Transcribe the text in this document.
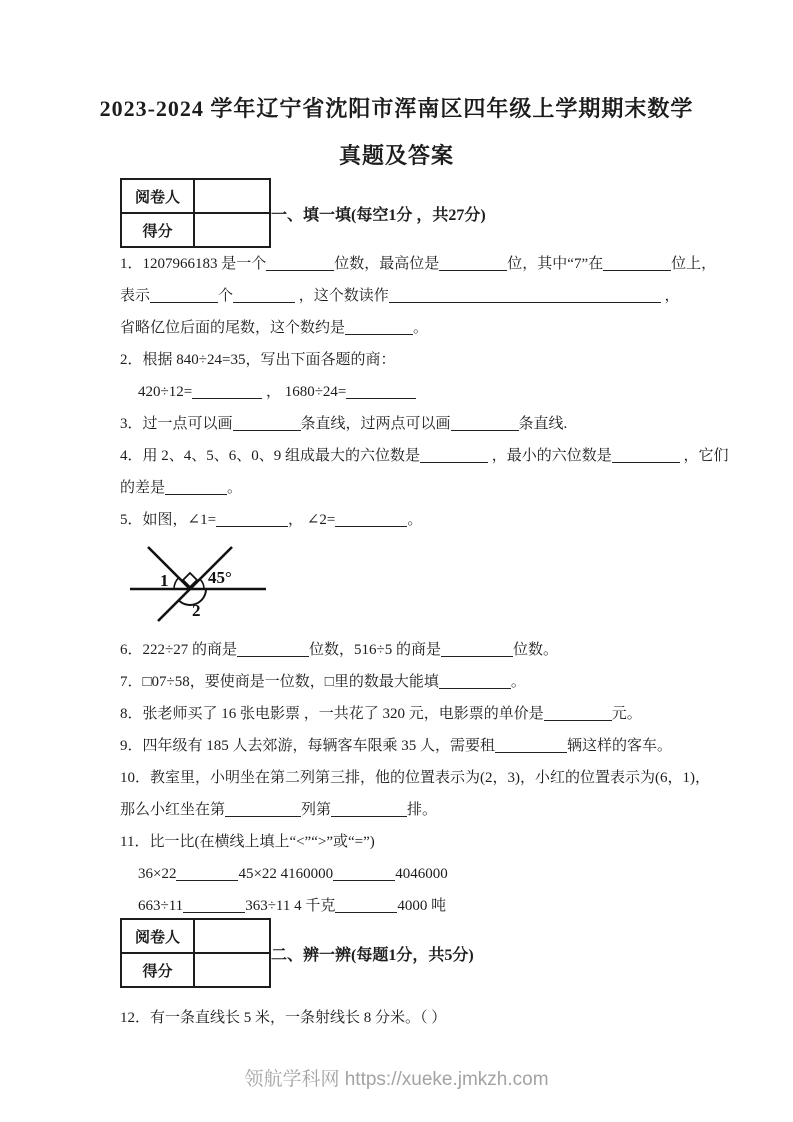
2023-2024 学年辽宁省沈阳市浑南区四年级上学期期末数学
真题及答案
阅卷人	
得分	
一、填一填(每空1分 ，共27分)

1．1207966183 是一个	位数，最高位是	位，其中“7”在	位上，

表示	个	，这个数读作	，

省略亿位后面的尾数，这个数约是	。

2．根据 840÷24=35，写出下面各题的商：

420÷12=	， 1680÷24=

3．过一点可以画	条直线，过两点可以画	条直线.

4．用 2、4、5、6、0、9 组成最大的六位数是	，最小的六位数是	，它们

的差是	。

5．如图，∠1=	， ∠2=	。

1 45°
2

6．222÷27 的商是	位数，516÷5 的商是	位数。

7．□07÷58，要使商是一位数，□里的数最大能填	。

8．张老师买了 16 张电影票 ，一共花了 320 元，电影票的单价是	元。

9．四年级有 185 人去郊游，每辆客车限乘 35 人，需要租	辆这样的客车。

10．教室里，小明坐在第二列第三排，他的位置表示为(2，3)，小红的位置表示为(6，1)，

那么小红坐在第	列第	排。

11．比一比(在横线上填上“<”“>”或“=”)

36×22	45×22 4160000	4046000

663÷11	363÷11 4 千克	4000 吨

阅卷人	
得分	
二、辨一辨(每题1分，共5分)

12．有一条直线长 5 米，一条射线长 8 分米。（ ）

领航学科网 https://xueke.jmkzh.com
